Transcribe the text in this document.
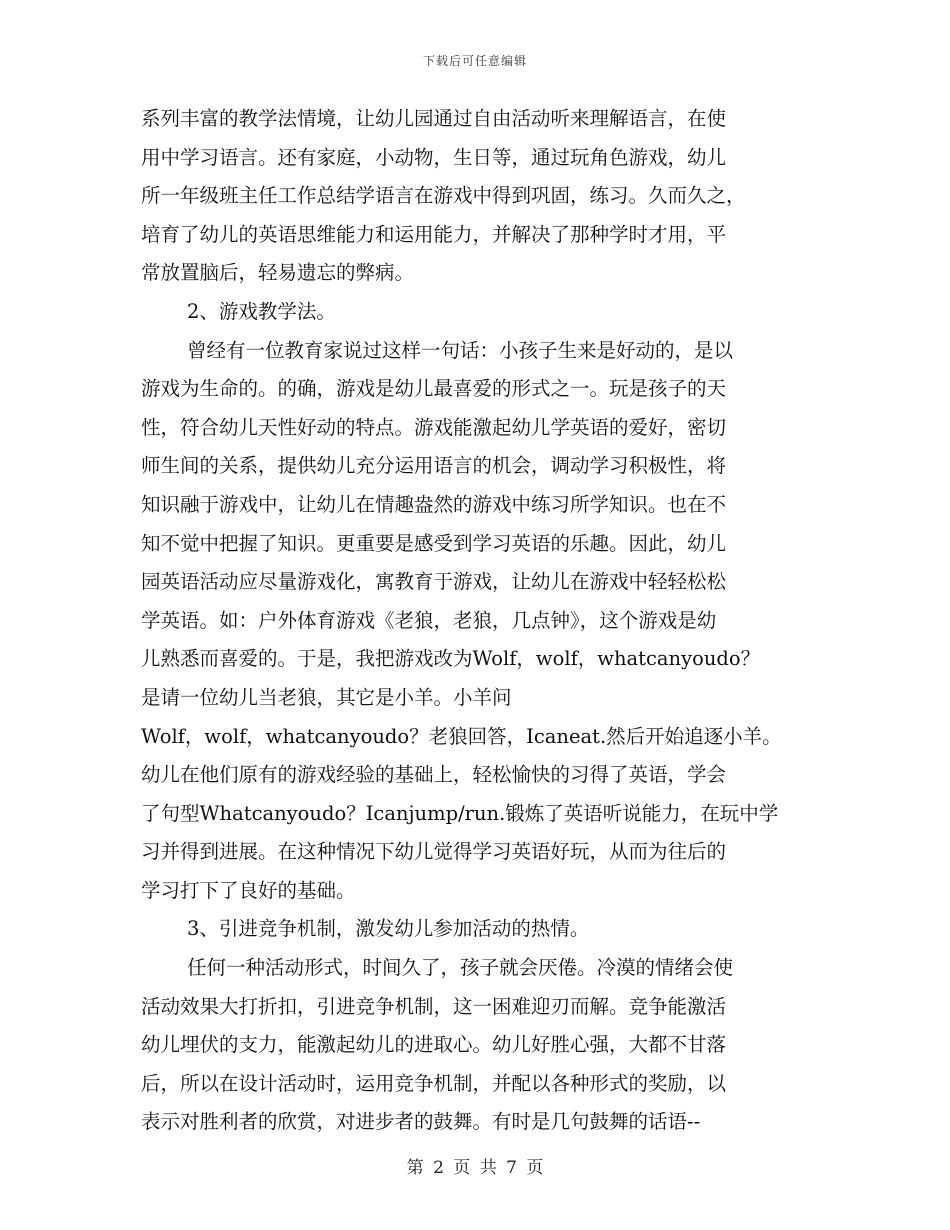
下载后可任意编辑
系列丰富的教学法情境，让幼儿园通过自由活动听来理解语言，在使
用中学习语言。还有家庭，小动物，生日等，通过玩角色游戏，幼儿
所一年级班主任工作总结学语言在游戏中得到巩固，练习。久而久之，
培育了幼儿的英语思维能力和运用能力，并解决了那种学时才用，平
常放置脑后，轻易遗忘的弊病。
2、游戏教学法。
曾经有一位教育家说过这样一句话：小孩子生来是好动的，是以
游戏为生命的。的确，游戏是幼儿最喜爱的形式之一。玩是孩子的天
性，符合幼儿天性好动的特点。游戏能激起幼儿学英语的爱好，密切
师生间的关系，提供幼儿充分运用语言的机会，调动学习积极性，将
知识融于游戏中，让幼儿在情趣盎然的游戏中练习所学知识。也在不
知不觉中把握了知识。更重要是感受到学习英语的乐趣。因此，幼儿
园英语活动应尽量游戏化，寓教育于游戏，让幼儿在游戏中轻轻松松
学英语。如：户外体育游戏《老狼，老狼，几点钟》，这个游戏是幼
儿熟悉而喜爱的。于是，我把游戏改为Wolf，wolf，whatcanyoudo？
是请一位幼儿当老狼，其它是小羊。小羊问
Wolf，wolf，whatcanyoudo？老狼回答，Icaneat.然后开始追逐小羊。
幼儿在他们原有的游戏经验的基础上，轻松愉快的习得了英语，学会
了句型Whatcanyoudo？Icanjump/run.锻炼了英语听说能力，在玩中学
习并得到进展。在这种情况下幼儿觉得学习英语好玩，从而为往后的
学习打下了良好的基础。
3、引进竞争机制，激发幼儿参加活动的热情。
任何一种活动形式，时间久了，孩子就会厌倦。冷漠的情绪会使
活动效果大打折扣，引进竞争机制，这一困难迎刃而解。竞争能激活
幼儿埋伏的支力，能激起幼儿的进取心。幼儿好胜心强，大都不甘落
后，所以在设计活动时，运用竞争机制，并配以各种形式的奖励，以
表示对胜利者的欣赏，对进步者的鼓舞。有时是几句鼓舞的话语--
第 2 页 共 7 页
